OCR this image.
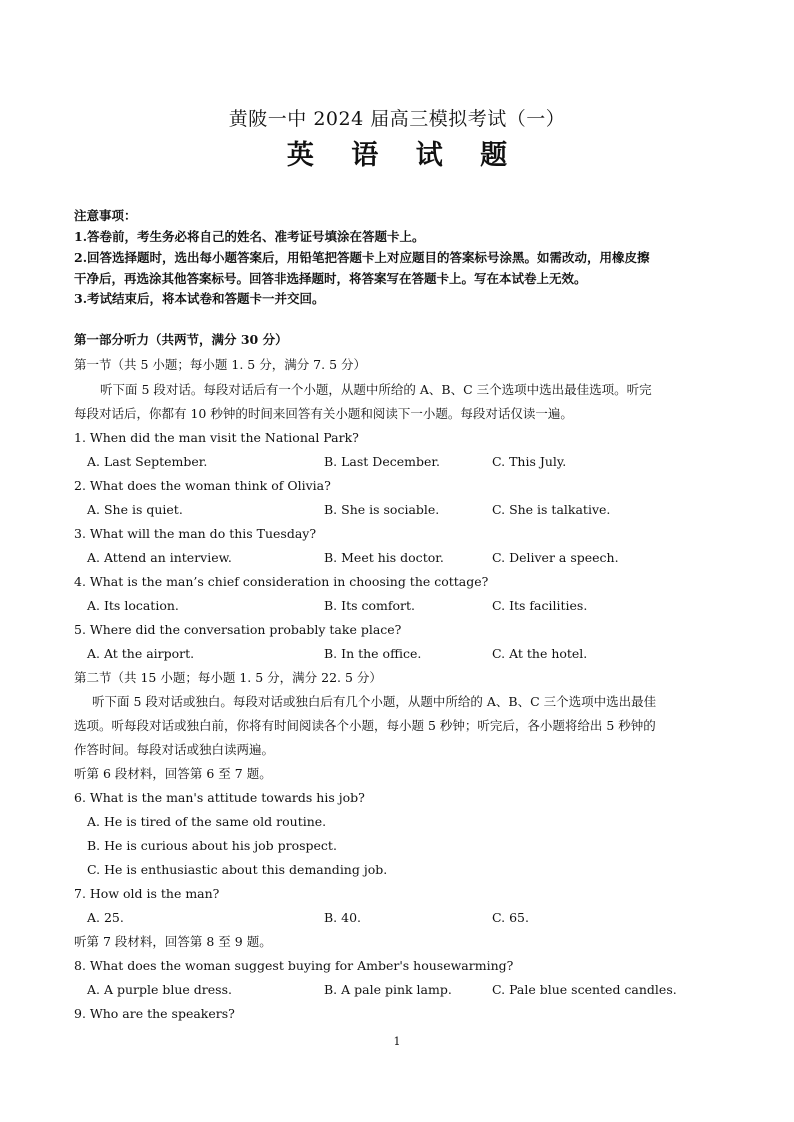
黄陂一中 2024 届高三模拟考试（一）
英 语 试 题
注意事项：
1.答卷前，考生务必将自己的姓名、准考证号填涂在答题卡上。
2.回答选择题时，选出每小题答案后，用铅笔把答题卡上对应题目的答案标号涂黑。如需改动，用橡皮擦
干净后，再选涂其他答案标号。回答非选择题时，将答案写在答题卡上。写在本试卷上无效。
3.考试结束后，将本试卷和答题卡一并交回。
第一部分听力（共两节，满分 30 分）
第一节（共 5 小题；每小题 1. 5 分，满分 7. 5 分）
听下面 5 段对话。每段对话后有一个小题，从题中所给的 A、B、C 三个选项中选出最佳选项。听完
每段对话后，你都有 10 秒钟的时间来回答有关小题和阅读下一小题。每段对话仅读一遍。
1. When did the man visit the National Park?
A. Last September.	B. Last December.	C. This July.
2. What does the woman think of Olivia?
A. She is quiet.	B. She is sociable.	C. She is talkative.
3. What will the man do this Tuesday?
A. Attend an interview.	B. Meet his doctor.	C. Deliver a speech.
4. What is the man’s chief consideration in choosing the cottage?
A. Its location.	B. Its comfort.	C. Its facilities.
5. Where did the conversation probably take place?
A. At the airport.	B. In the office.	C. At the hotel.
第二节（共 15 小题；每小题 1. 5 分，满分 22. 5 分）
听下面 5 段对话或独白。每段对话或独白后有几个小题，从题中所给的 A、B、C 三个选项中选出最佳
选项。听每段对话或独白前，你将有时间阅读各个小题，每小题 5 秒钟；听完后，各小题将给出 5 秒钟的
作答时间。每段对话或独白读两遍。
听第 6 段材料，回答第 6 至 7 题。
6. What is the man's attitude towards his job?
A. He is tired of the same old routine.
B. He is curious about his job prospect.
C. He is enthusiastic about this demanding job.
7. How old is the man?
A. 25.	B. 40.	C. 65.
听第 7 段材料，回答第 8 至 9 题。
8. What does the woman suggest buying for Amber's housewarming?
A. A purple blue dress.	B. A pale pink lamp.	C. Pale blue scented candles.
9. Who are the speakers?
1
